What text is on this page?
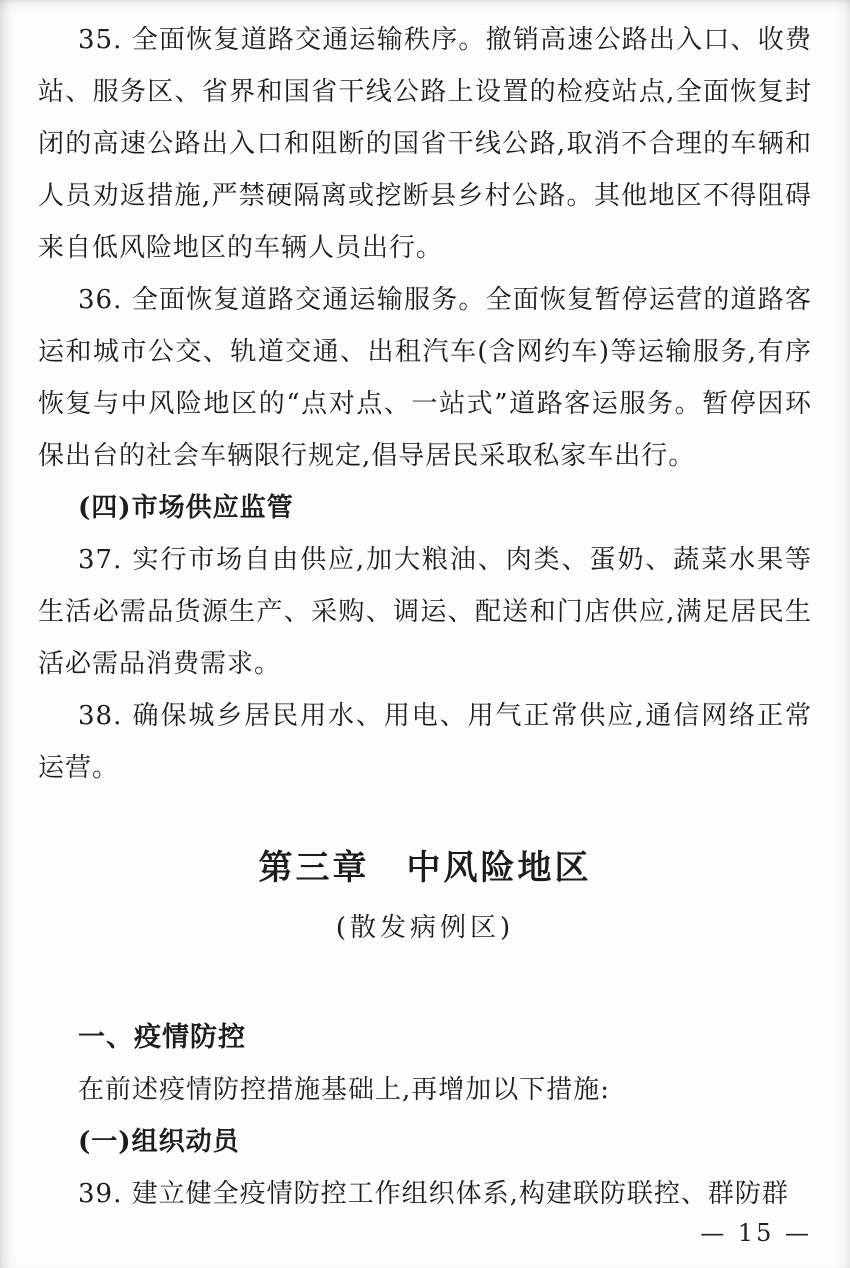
35. 全面恢复道路交通运输秩序。撤销高速公路出入口、收费站、服务区、省界和国省干线公路上设置的检疫站点,全面恢复封闭的高速公路出入口和阻断的国省干线公路,取消不合理的车辆和人员劝返措施,严禁硬隔离或挖断县乡村公路。其他地区不得阻碍来自低风险地区的车辆人员出行。

36. 全面恢复道路交通运输服务。全面恢复暂停运营的道路客运和城市公交、轨道交通、出租汽车(含网约车)等运输服务,有序恢复与中风险地区的“点对点、一站式”道路客运服务。暂停因环保出台的社会车辆限行规定,倡导居民采取私家车出行。

(四)市场供应监管

37. 实行市场自由供应,加大粮油、肉类、蛋奶、蔬菜水果等生活必需品货源生产、采购、调运、配送和门店供应,满足居民生活必需品消费需求。

38. 确保城乡居民用水、用电、用气正常供应,通信网络正常运营。

第三章　中风险地区

(散发病例区)

一、疫情防控

在前述疫情防控措施基础上,再增加以下措施:

(一)组织动员

39. 建立健全疫情防控工作组织体系,构建联防联控、群防群

— 15 —
